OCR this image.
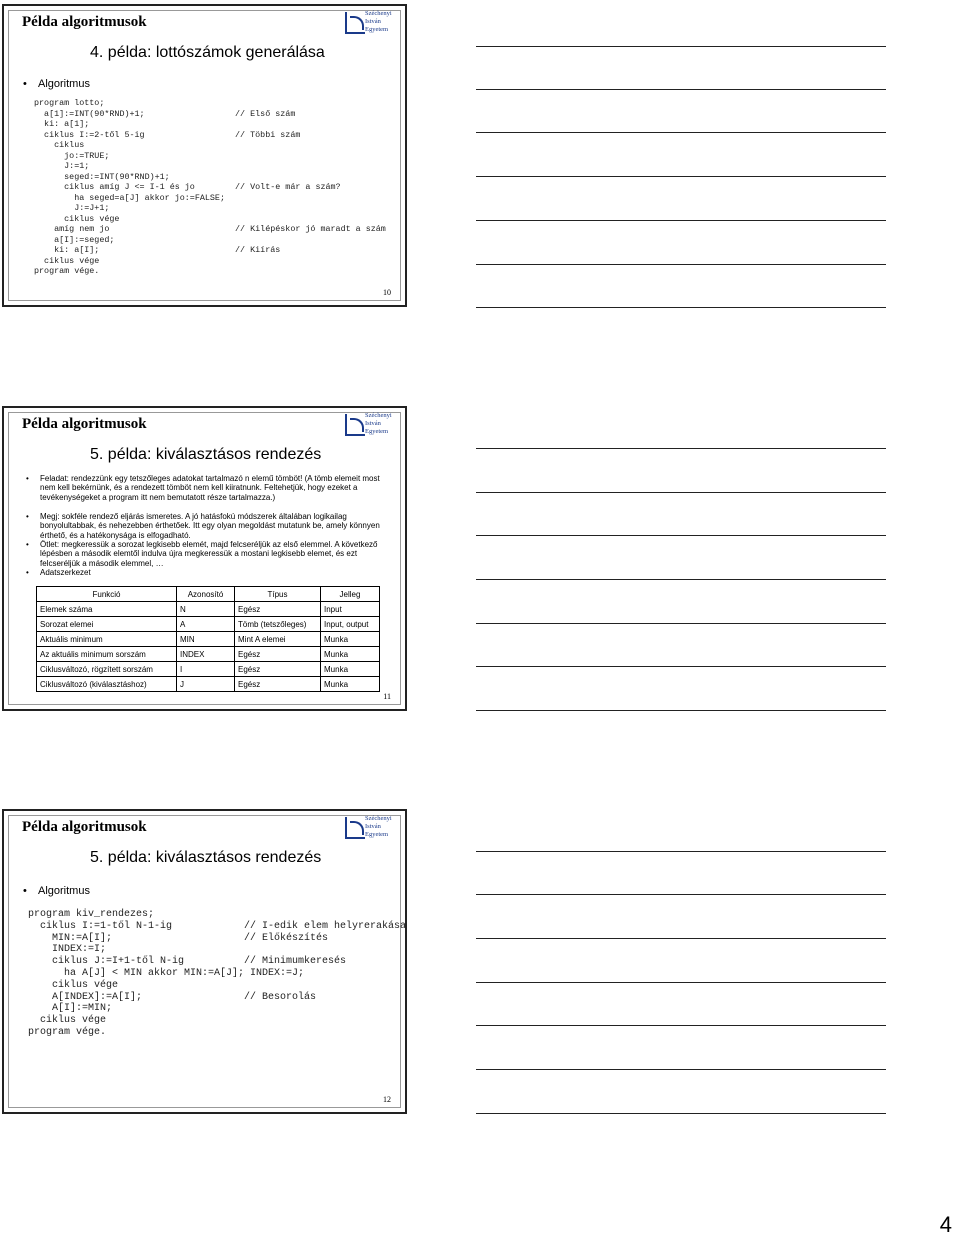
Példa algoritmusok
Széchenyi
István
Egyetem
4. példa: lottószámok generálása
• Algoritmus
program lotto;
a[1]:=INT(90*RND)+1;                  // Első szám
ki: a[1];
ciklus I:=2-től 5-ig                  // Többi szám
ciklus
jo:=TRUE;
J:=1;
seged:=INT(90*RND)+1;
ciklus amíg J <= I-1 és jo        // Volt-e már a szám?
ha seged=a[J] akkor jo:=FALSE;
J:=J+1;
ciklus vége
amíg nem jo                         // Kilépéskor jó maradt a szám
a[I]:=seged;
ki: a[I];                           // Kiírás
ciklus vége
program vége.
10
Példa algoritmusok
Széchenyi
István
Egyetem
5. példa: kiválasztásos rendezés
• Feladat: rendezzünk egy tetszőleges adatokat tartalmazó n elemű tömböt! (A tömb elemeit most nem kell bekérnünk, és a rendezett tömböt nem kell kiiratnunk. Feltehetjük, hogy ezeket a tevékenységeket a program itt nem bemutatott része tartalmazza.)
• Megj: sokféle rendező eljárás ismeretes. A jó hatásfokú módszerek általában logikailag bonyolultabbak, és nehezebben érthetőek. Itt egy olyan megoldást mutatunk be, amely könnyen érthető, és a hatékonysága is elfogadható.
• Ötlet: megkeressük a sorozat legkisebb elemét, majd felcseréljük az első elemmel. A következő lépésben a második elemtől indulva újra megkeressük a mostani legkisebb elemet, és ezt felcseréljük a második elemmel, …
• Adatszerkezet
Funkció	Azonosító	Típus	Jelleg
Elemek száma	N	Egész	Input
Sorozat elemei	A	Tömb (tetszőleges)	Input, output
Aktuális minimum	MIN	Mint A elemei	Munka
Az aktuális minimum sorszám	INDEX	Egész	Munka
Ciklusváltozó, rögzített sorszám	I	Egész	Munka
Ciklusváltozó (kiválasztáshoz)	J	Egész	Munka
11
Példa algoritmusok
Széchenyi
István
Egyetem
5. példa: kiválasztásos rendezés
• Algoritmus
program kiv_rendezes;
ciklus I:=1-től N-1-ig            // I-edik elem helyrerakása
MIN:=A[I];                      // Előkészítés
INDEX:=I;
ciklus J:=I+1-től N-ig          // Minimumkeresés
ha A[J] < MIN akkor MIN:=A[J]; INDEX:=J;
ciklus vége
A[INDEX]:=A[I];                 // Besorolás
A[I]:=MIN;
ciklus vége
program vége.
12
4
